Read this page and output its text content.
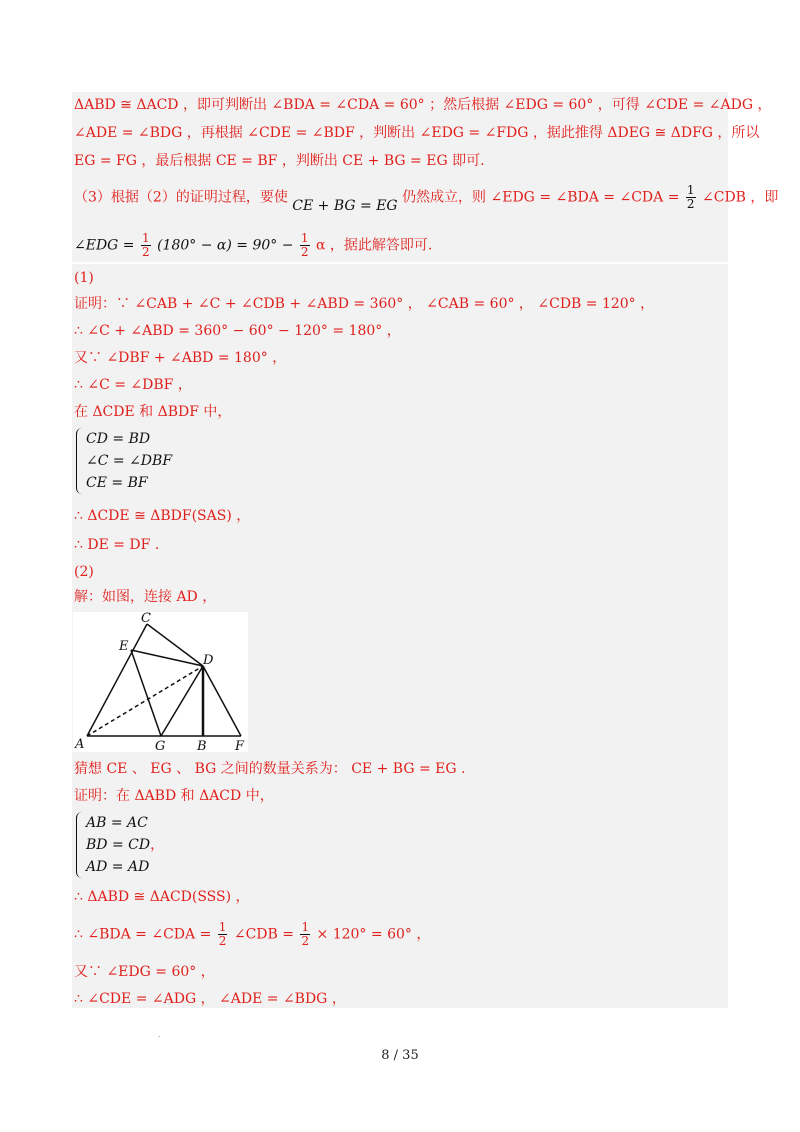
ΔABD ≅ ΔACD ，即可判断出 ∠BDA = ∠CDA = 60° ；然后根据 ∠EDG = 60° ，可得 ∠CDE = ∠ADG ，
∠ADE = ∠BDG ，再根据 ∠CDE = ∠BDF ，判断出 ∠EDG = ∠FDG ，据此推得 ΔDEG ≅ ΔDFG ，所以
EG = FG ，最后根据 CE = BF ，判断出 CE + BG = EG 即可.
（3）根据（2）的证明过程，要使 CE + BG = EG 仍然成立，则 ∠EDG = ∠BDA = ∠CDA = $\frac{1}{2}$ ∠CDB ，即
∠EDG = $\frac{1}{2} (180^\circ - \alpha) = 90^\circ - \frac{1}{2}$ α ，据此解答即可.
(1)
证明：∵ ∠CAB + ∠C + ∠CDB + ∠ABD = 360° ， ∠CAB = 60° ， ∠CDB = 120° ，
∴ ∠C + ∠ABD = 360° − 60° − 120° = 180° ，
又∵ ∠DBF + ∠ABD = 180° ，
∴ ∠C = ∠DBF ，
在 ΔCDE 和 ΔBDF 中，
CD = BD
∠C = ∠DBF
CE = BF
∴ ΔCDE ≅ ΔBDF(SAS) ，
∴ DE = DF .
(2)
解：如图，连接 AD ，
A
C
E
D
G B F
猜想 CE 、 EG 、 BG 之间的数量关系为： CE + BG = EG .
证明：在 ΔABD 和 ΔACD 中，
AB = AC
BD = CD，
AD = AD
∴ ΔABD ≅ ΔACD(SSS) ，
∴ ∠BDA = ∠CDA = $\frac{1}{2}$ ∠CDB = $\frac{1}{2} \times 120^\circ = 60^\circ$ ，
又∵ ∠EDG = 60° ，
∴ ∠CDE = ∠ADG ， ∠ADE = ∠BDG ，
.
8 / 35
